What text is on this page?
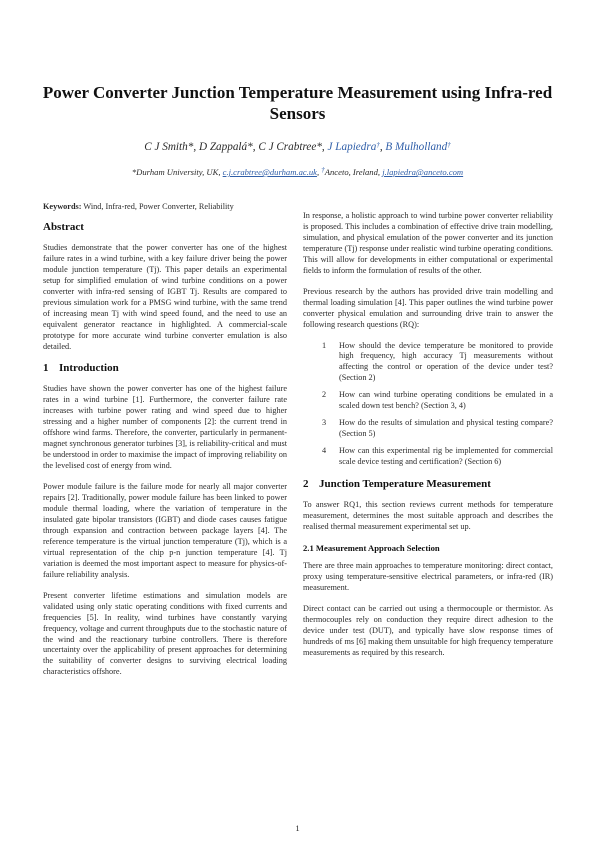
Power Converter Junction Temperature Measurement using Infra-red Sensors
C J Smith*, D Zappalá*, C J Crabtree*, J Lapiedra†, B Mulholland†
*Durham University, UK, c.j.crabtree@durham.ac.uk, †Anceto, Ireland, j.lapiedra@anceto.com

Keywords: Wind, Infra-red, Power Converter, Reliability

Abstract

Studies demonstrate that the power converter has one of the highest failure rates in a wind turbine, with a key failure driver being the power module junction temperature (Tj). This paper details an experimental setup for simplified emulation of wind turbine conditions on a power converter with infra-red sensing of IGBT Tj. Results are compared to previous simulation work for a PMSG wind turbine, with the same trend of increasing mean Tj with wind speed found, and the need to use an equivalent generator reactance in highlighted. A commercial-scale prototype for more accurate wind turbine converter emulation is also detailed.

1 Introduction

Studies have shown the power converter has one of the highest failure rates in a wind turbine [1]. Furthermore, the converter failure rate increases with turbine power rating and wind speed due to higher stressing and a higher number of components [2]: the current trend in offshore wind farms. Therefore, the converter, particularly in permanent-magnet synchronous generator turbines [3], is reliability-critical and must be understood in order to maximise the impact of improving reliability on the levelised cost of energy from wind.

Power module failure is the failure mode for nearly all major converter repairs [2]. Traditionally, power module failure has been linked to power module thermal loading, where the variation of temperature in the insulated gate bipolar transistors (IGBT) and diode cases causes fatigue through expansion and contraction between package layers [4]. The reference temperature is the virtual junction temperature (Tj), which is a virtual representation of the chip p-n junction temperature [4]. Tj variation is deemed the most important aspect to measure for physics-of-failure reliability analysis.

Present converter lifetime estimations and simulation models are validated using only static operating conditions with fixed currents and frequencies [5]. In reality, wind turbines have constantly varying frequency, voltage and current throughputs due to the stochastic nature of the wind and the reactionary turbine controllers. There is therefore uncertainty over the applicability of present approaches for determining the suitability of converter designs to surviving electrical loading characteristics offshore.

In response, a holistic approach to wind turbine power converter reliability is proposed. This includes a combination of effective drive train modelling, simulation, and physical emulation of the power converter and its junction temperature (Tj) response under realistic wind turbine operating conditions. This will allow for developments in either computational or experimental fields to inform the formulation of results of the other.

Previous research by the authors has provided drive train modelling and thermal loading simulation [4]. This paper outlines the wind turbine power converter physical emulation and surrounding drive train to answer the following research questions (RQ):

1	How should the device temperature be monitored to provide high frequency, high accuracy Tj measurements without affecting the control or operation of the device under test? (Section 2)
2	How can wind turbine operating conditions be emulated in a scaled down test bench? (Section 3, 4)
3	How do the results of simulation and physical testing compare? (Section 5)
4	How can this experimental rig be implemented for commercial scale device testing and certification? (Section 6)
2 Junction Temperature Measurement

To answer RQ1, this section reviews current methods for temperature measurement, determines the most suitable approach and describes the realised thermal measurement experimental set up.

2.1 Measurement Approach Selection

There are three main approaches to temperature monitoring: direct contact, proxy using temperature-sensitive electrical parameters, or infra-red (IR) measurement.

Direct contact can be carried out using a thermocouple or thermistor. As thermocouples rely on conduction they require direct adhesion to the device under test (DUT), and typically have slow response times of hundreds of ms [6] making them unsuitable for high frequency temperature measurements as required by this research.

1
